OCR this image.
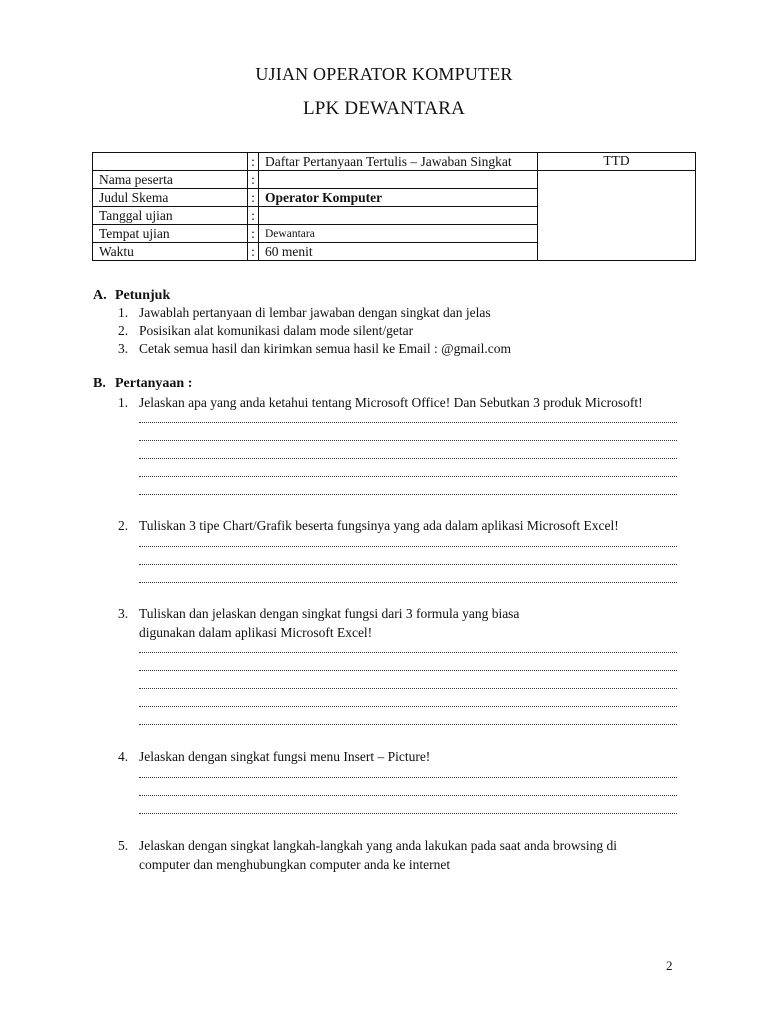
UJIAN OPERATOR KOMPUTER
LPK DEWANTARA
	:	Daftar Pertanyaan Tertulis – Jawaban Singkat	TTD
Nama peserta	:		
Judul Skema	:	Operator Komputer	
Tanggal ujian	:		
Tempat ujian	:	Dewantara	
Waktu	:	60 menit	
A. Petunjuk
1. Jawablah pertanyaan di lembar jawaban dengan singkat dan jelas
2. Posisikan alat komunikasi dalam mode silent/getar
3. Cetak semua hasil dan kirimkan semua hasil ke Email : @gmail.com
B. Pertanyaan :
1. Jelaskan apa yang anda ketahui tentang Microsoft Office! Dan Sebutkan 3 produk Microsoft!
2. Tuliskan 3 tipe Chart/Grafik beserta fungsinya yang ada dalam aplikasi Microsoft Excel!
3. Tuliskan dan jelaskan dengan singkat fungsi dari 3 formula yang biasa
digunakan dalam aplikasi Microsoft Excel!
4. Jelaskan dengan singkat fungsi menu Insert – Picture!
5. Jelaskan dengan singkat langkah-langkah yang anda lakukan pada saat anda browsing di
computer dan menghubungkan computer anda ke internet
2
